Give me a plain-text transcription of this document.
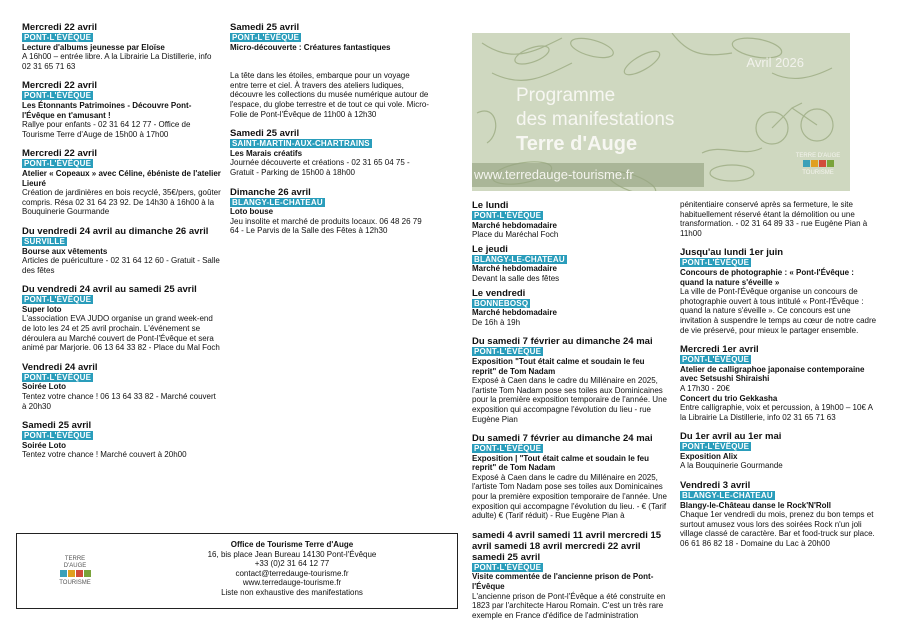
Mercredi 22 avril
PONT-L'ÉVÊQUE
Lecture d'albums jeunesse par Eloïse
A 16h00 – entrée libre. A la Librairie La Distillerie, info 02 31 65 71 63
Mercredi 22 avril
PONT-L'ÉVÊQUE
Les Étonnants Patrimoines - Découvre Pont-l'Évêque en t'amusant !
Rallye pour enfants - 02 31 64 12 77 - Office de Tourisme Terre d'Auge de 15h00 à 17h00
Mercredi 22 avril
PONT-L'ÉVÊQUE
Atelier « Copeaux » avec Céline, ébéniste de l'atelier Lieuré
Création de jardinières en bois recyclé, 35€/pers, goûter compris. Résa 02 31 64 23 92. De 14h30 à 16h00 à la Bouquinerie Gourmande
Du vendredi 24 avril au dimanche 26 avril
SURVILLE
Bourse aux vêtements
Articles de puériculture - 02 31 64 12 60 - Gratuit - Salle des fêtes
Du vendredi 24 avril au samedi 25 avril
PONT-L'ÉVÊQUE
Super loto
L'association EVA JUDO organise un grand week-end de loto les 24 et 25 avril prochain. L'événement se déroulera au Marché couvert de Pont-l'Évêque et sera animé par Marjorie. 06 13 64 33 82 - Place du Mal Foch
Vendredi 24 avril
PONT-L'ÉVÊQUE
Soirée Loto
Tentez votre chance ! 06 13 64 33 82 - Marché couvert à 20h30
Samedi 25 avril
PONT-L'ÉVÊQUE
Soirée Loto
Tentez votre chance ! Marché couvert à 20h00
Samedi 25 avril
PONT-L'ÉVÊQUE
Micro-découverte : Créatures fantastiques
La tête dans les étoiles, embarque pour un voyage entre terre et ciel. À travers des ateliers ludiques, découvre les collections du musée numérique autour de l'espace, du globe terrestre et de tout ce qui vole. Micro-Folie de Pont-l'Évêque de 11h00 à 12h30
Samedi 25 avril
SAINT-MARTIN-AUX-CHARTRAINS
Les Marais créatifs
Journée découverte et créations - 02 31 65 04 75 - Gratuit - Parking de 15h00 à 18h00
Dimanche 26 avril
BLANGY-LE-CHATEAU
Loto bouse
Jeu insolite et marché de produits locaux. 06 48 26 79 64 - Le Parvis de la Salle des Fêtes à 12h30
Avril 2026
Programme
des manifestations
Terre d'Auge
www.terredauge-tourisme.fr
TERRE D'AUGE
TOURISME
Le lundi
PONT-L'ÉVÊQUE
Marché hebdomadaire
Place du Maréchal Foch
Le jeudi
BLANGY-LE-CHATEAU
Marché hebdomadaire
Devant la salle des fêtes
Le vendredi
BONNEBOSQ
Marché hebdomadaire
De 16h à 19h
Du samedi 7 février au dimanche 24 mai
PONT-L'ÉVÊQUE
Exposition "Tout était calme et soudain le feu reprit" de Tom Nadam
Exposé à Caen dans le cadre du Millénaire en 2025, l'artiste Tom Nadam pose ses toiles aux Dominicaines pour la première exposition temporaire de l'année. Une exposition qui accompagne l'évolution du lieu - rue Eugène Pian
Du samedi 7 février au dimanche 24 mai
PONT-L'ÉVÊQUE
Exposition | "Tout était calme et soudain le feu reprit" de Tom Nadam
Exposé à Caen dans le cadre du Millénaire en 2025, l'artiste Tom Nadam pose ses toiles aux Dominicaines pour la première exposition temporaire de l'année. Une exposition qui accompagne l'évolution du lieu. - € (Tarif adulte) € (Tarif réduit) - Rue Eugène Pian à
samedi 4 avril samedi 11 avril mercredi 15 avril samedi 18 avril mercredi 22 avril samedi 25 avril
PONT-L'ÉVÊQUE
Visite commentée de l'ancienne prison de Pont-l'Évêque
L'ancienne prison de Pont-l'Évêque a été construite en 1823 par l'architecte Harou Romain. C'est un très rare exemple en France d'édifice de l'administration
pénitentiaire conservé après sa fermeture, le site habituellement réservé étant la démolition ou une transformation. - 02 31 64 89 33 - rue Eugène Pian à 11h00
Jusqu'au lundi 1er juin
PONT-L'ÉVÊQUE
Concours de photographie : « Pont-l'Évêque : quand la nature s'éveille »
La ville de Pont-l'Évêque organise un concours de photographie ouvert à tous intitulé « Pont-l'Évêque : quand la nature s'éveille ». Ce concours est une invitation à suspendre le temps au cœur de notre cadre de vie préservé, pour mieux le partager ensemble.
Mercredi 1er avril
PONT-L'ÉVÊQUE
Atelier de calligraphoe japonaise contemporaine avec Setsushi Shiraishi
A 17h30 - 20€
Concert du trio Gekkasha
Entre calligraphie, voix et percussion, à 19h00 – 10€ A la Librairie La Distillerie, info 02 31 65 71 63
Du 1er avril au 1er mai
PONT-L'ÉVÊQUE
Exposition Alix
A la Bouquinerie Gourmande
Vendredi 3 avril
BLANGY-LE-CHATEAU
Blangy-le-Château danse le Rock'N'Roll
Chaque 1er vendredi du mois, prenez du bon temps et surtout amusez vous lors des soirées Rock n'un joli village classé de caractère. Bar et food-truck sur place. 06 61 86 82 18 - Domaine du Lac à 20h00
TERRE D'AUGE
TOURISME
Office de Tourisme Terre d'Auge
16, bis place Jean Bureau 14130 Pont-l'Évêque
+33 (0)2 31 64 12 77
contact@terredauge-tourisme.fr
www.terredauge-tourisme.fr
Liste non exhaustive des manifestations
